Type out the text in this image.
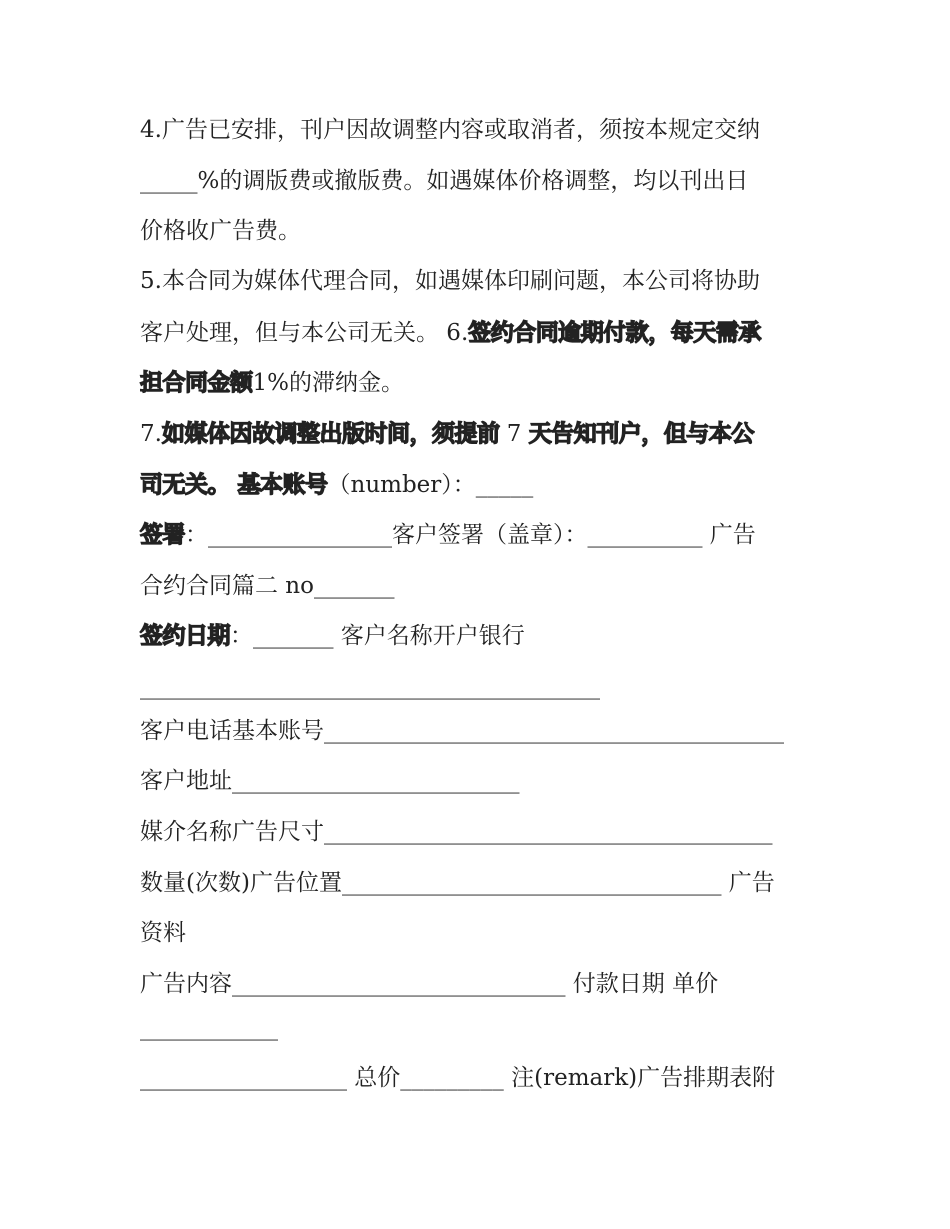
4.广告已安排，刊户因故调整内容或取消者，须按本规定交纳
_____%的调版费或撤版费。如遇媒体价格调整，均以刊出日
价格收广告费。
5.本合同为媒体代理合同，如遇媒体印刷问题，本公司将协助
客户处理，但与本公司无关。 6.签约合同逾期付款，每天需承
担合同金额1%的滞纳金。
7.如媒体因故调整出版时间，须提前 7 天告知刊户，但与本公
司无关。 基本账号（number）：_____
签署：________________客户签署（盖章）：__________ 广告
合约合同篇二 no_______
签约日期：_______ 客户名称开户银行
________________________________________
客户电话基本账号________________________________________
客户地址_________________________
媒介名称广告尺寸_______________________________________
数量(次数)广告位置_________________________________ 广告
资料
广告内容_____________________________ 付款日期 单价
____________
__________________ 总价_________ 注(remark)广告排期表附
